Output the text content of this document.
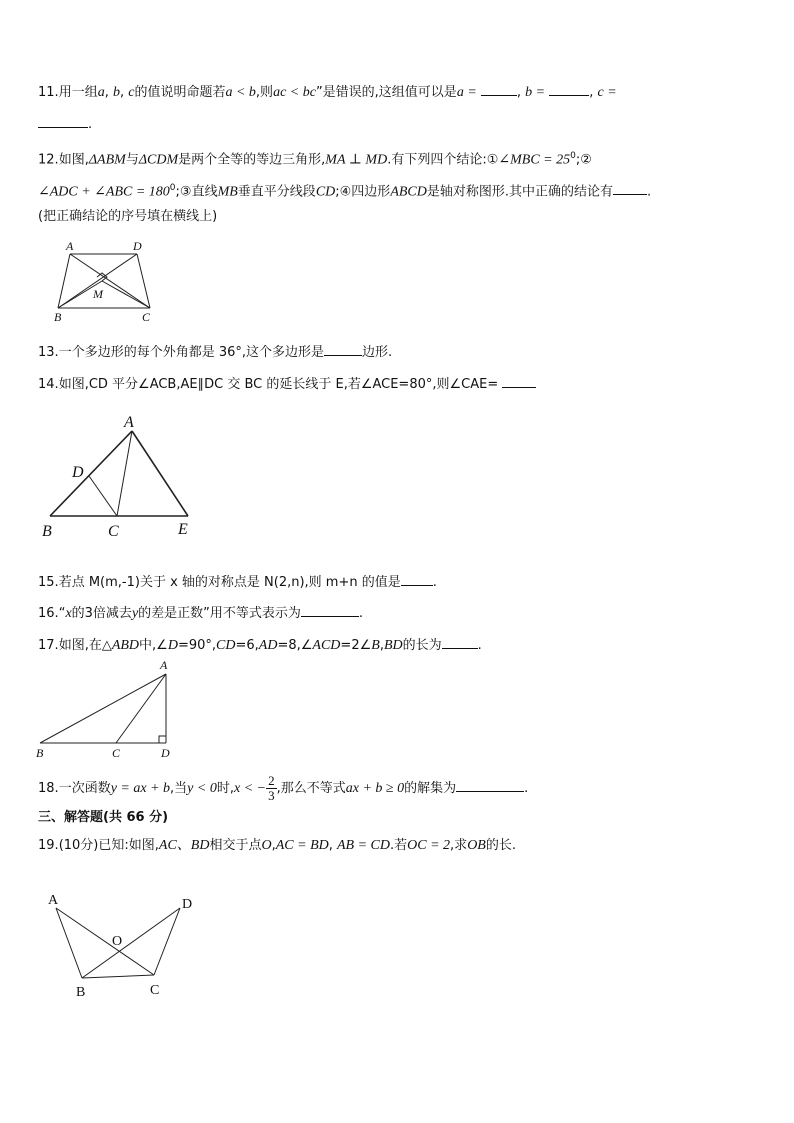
11.用一组a, b, c的值说明命题若a < b,则ac < bc”是错误的,这组值可以是a =	, b =	, c =
.
12.如图,ΔABM与ΔCDM是两个全等的等边三角形,MA ⊥ MD.有下列四个结论:①∠MBC = $25^0;②$
∠ADC + ∠ABC = $180^0;③$直线MB垂直平分线段CD;④四边形ABCD是轴对称图形.其中正确的结论有	.
(把正确结论的序号填在横线上)
A	D
M
B	C
13.一个多边形的每个外角都是 36°,这个多边形是	边形.
14.如图,CD 平分∠ACB,AE∥DC 交 BC 的延长线于 E,若∠ACE=80°,则∠CAE=
A
D
B	C	E
15.若点 M(m,-1)关于 x 轴的对称点是 N(2,n),则 m+n 的值是 .
16.“x的3倍减去y的差是正数”用不等式表示为	.
17.如图,在△ABD中,∠D=90°,CD=6,AD=8,∠ACD=2∠B,BD的长为	.
A
B	C	D
18.一次函数y = ax + b,当y < 0时,x < − $\frac{2}{3}$ ,那么不等式ax + b ≥ 0的解集为	.
三、解答题(共 66 分)
19.(10分)已知:如图,AC、BD相交于点O,AC = BD, AB = CD.若OC = 2,求OB的长.
A	D
O
B	C
